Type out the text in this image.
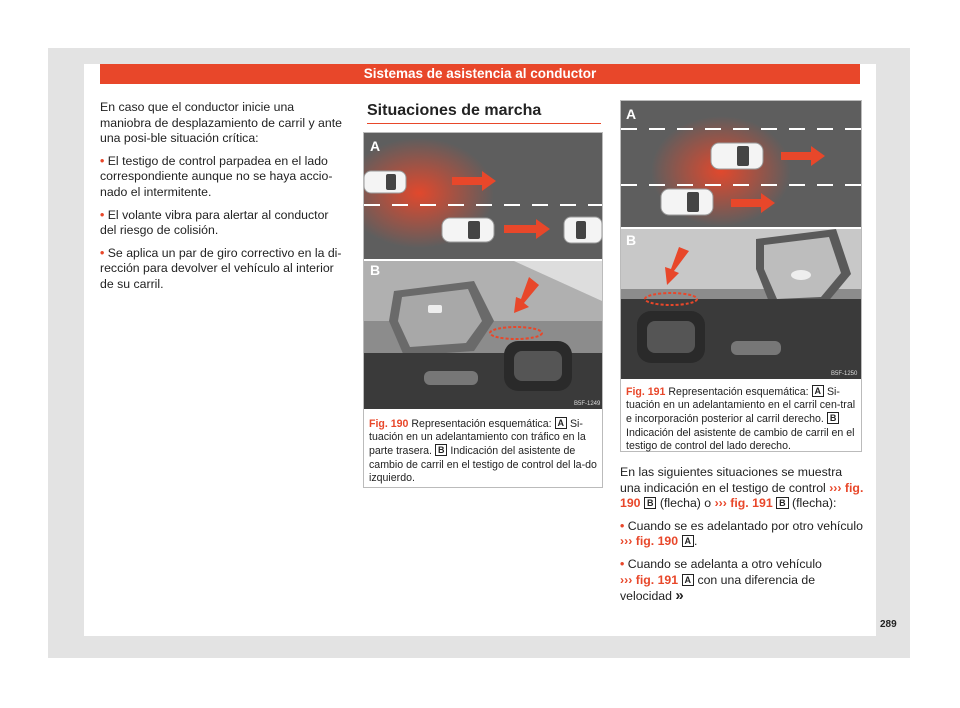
Sistemas de asistencia al conductor

En caso que el conductor inicie una maniobra de desplazamiento de carril y ante una posi-ble situación crítica:

• El testigo de control parpadea en el lado correspondiente aunque no se haya accio-nado el intermitente.

• El volante vibra para alertar al conductor del riesgo de colisión.

• Se aplica un par de giro correctivo en la di-rección para devolver el vehículo al interior de su carril.

Situaciones de marcha
A
B
B5F-1249
Fig. 190 Representación esquemática: A Si-tuación en un adelantamiento con tráfico en la parte trasera. B Indicación del asistente de cambio de carril en el testigo de control del la-do izquierdo.
A
B
B5F-1250
Fig. 191 Representación esquemática: A Si-tuación en un adelantamiento en el carril cen-tral e incorporación posterior al carril derecho. B Indicación del asistente de cambio de carril en el testigo de control del lado derecho.

En las siguientes situaciones se muestra una indicación en el testigo de control ››› fig. 190 B (flecha) o ››› fig. 191 B (flecha):

• Cuando se es adelantado por otro vehículo
››› fig. 190 A .

• Cuando se adelanta a otro vehículo
››› fig. 191 A con una diferencia de velocidad »

289
